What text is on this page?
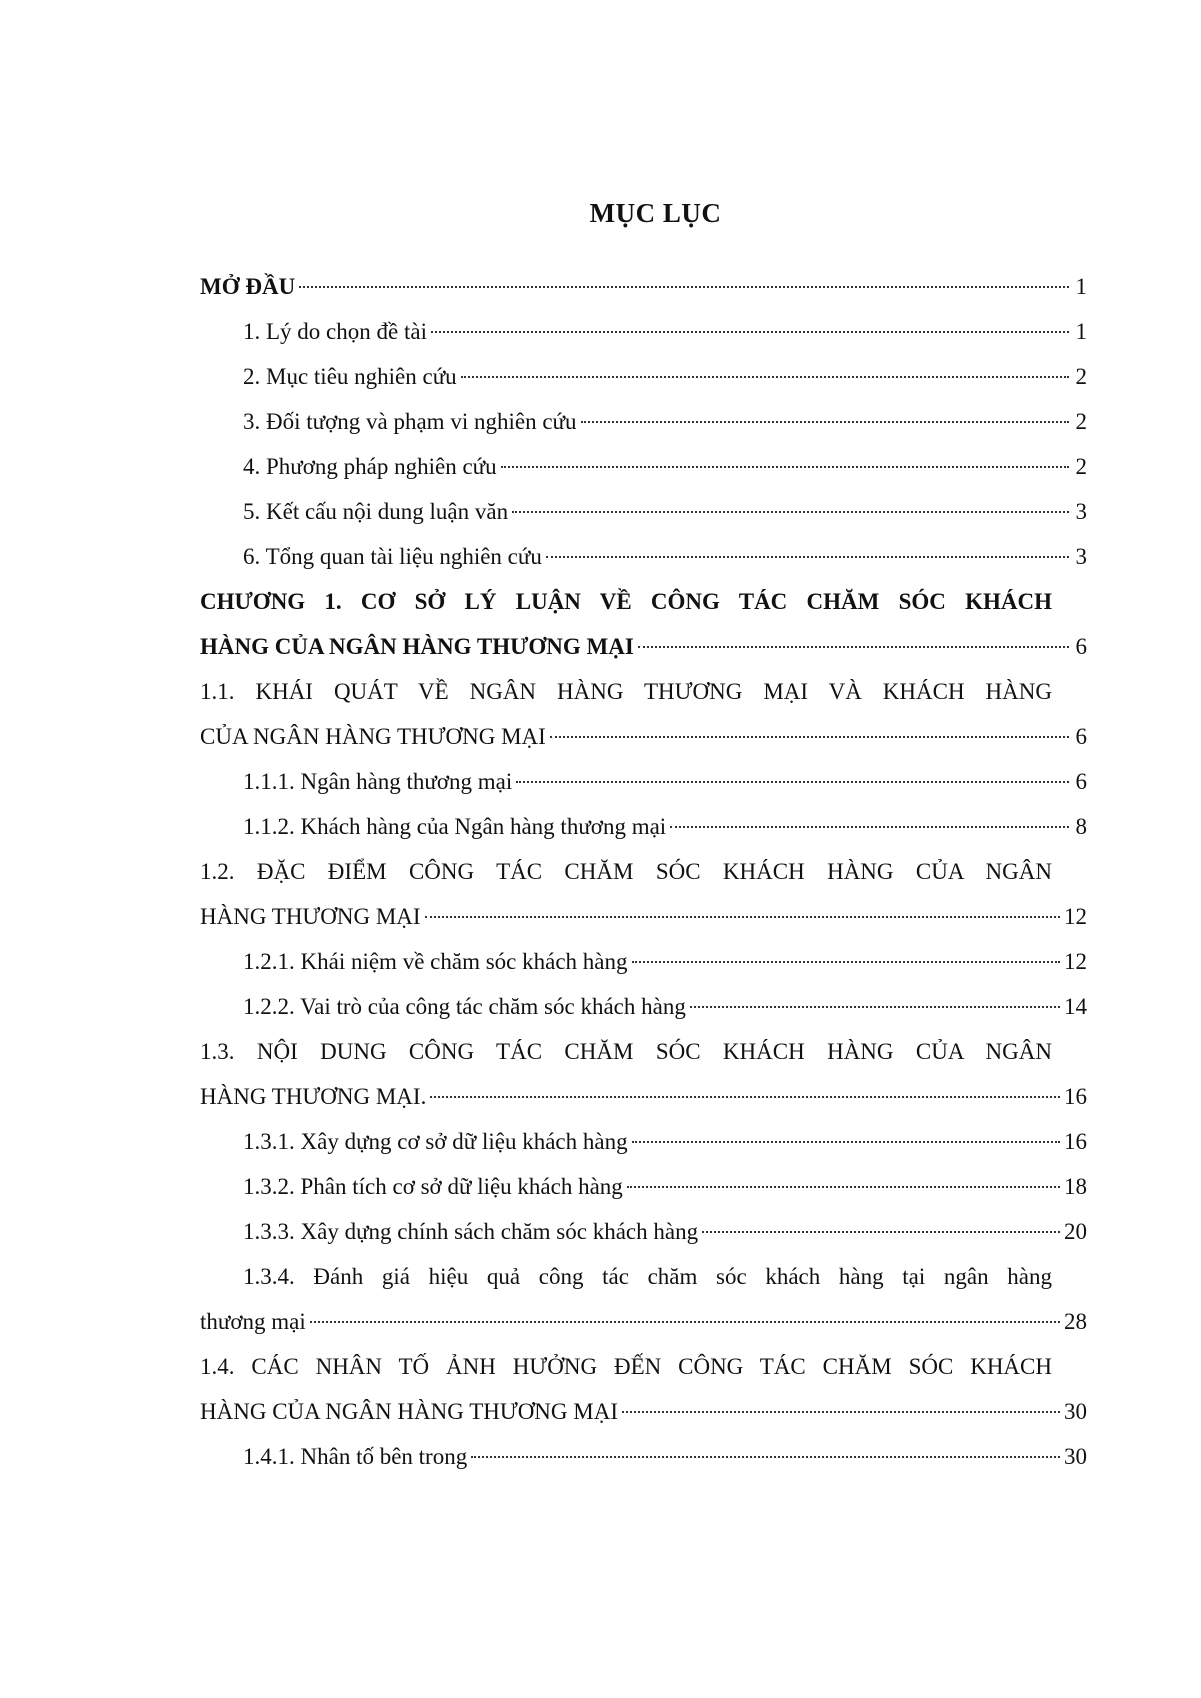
MỤC LỤC
MỞ ĐẦU	1
1. Lý do chọn đề tài	1
2. Mục tiêu nghiên cứu	2
3. Đối tượng và phạm vi nghiên cứu	2
4. Phương pháp nghiên cứu	2
5. Kết cấu nội dung luận văn	3
6. Tổng quan tài liệu nghiên cứu	3
CHƯƠNG 1. CƠ SỞ LÝ LUẬN VỀ CÔNG TÁC CHĂM SÓC KHÁCH
HÀNG CỦA NGÂN HÀNG THƯƠNG MẠI	6
1.1. KHÁI QUÁT VỀ NGÂN HÀNG THƯƠNG MẠI VÀ KHÁCH HÀNG
CỦA NGÂN HÀNG THƯƠNG MẠI	6
1.1.1. Ngân hàng thương mại	6
1.1.2. Khách hàng của Ngân hàng thương mại	8
1.2. ĐẶC ĐIỂM CÔNG TÁC CHĂM SÓC KHÁCH HÀNG CỦA NGÂN
HÀNG THƯƠNG MẠI	12
1.2.1. Khái niệm về chăm sóc khách hàng	12
1.2.2. Vai trò của công tác chăm sóc khách hàng	14
1.3. NỘI DUNG CÔNG TÁC CHĂM SÓC KHÁCH HÀNG CỦA NGÂN
HÀNG THƯƠNG MẠI.	16
1.3.1. Xây dựng cơ sở dữ liệu khách hàng	16
1.3.2. Phân tích cơ sở dữ liệu khách hàng	18
1.3.3. Xây dựng chính sách chăm sóc khách hàng	20
1.3.4. Đánh giá hiệu quả công tác chăm sóc khách hàng tại ngân hàng
thương mại	28
1.4. CÁC NHÂN TỐ ẢNH HƯỞNG ĐẾN CÔNG TÁC CHĂM SÓC KHÁCH
HÀNG CỦA NGÂN HÀNG THƯƠNG MẠI	30
1.4.1. Nhân tố bên trong	30
